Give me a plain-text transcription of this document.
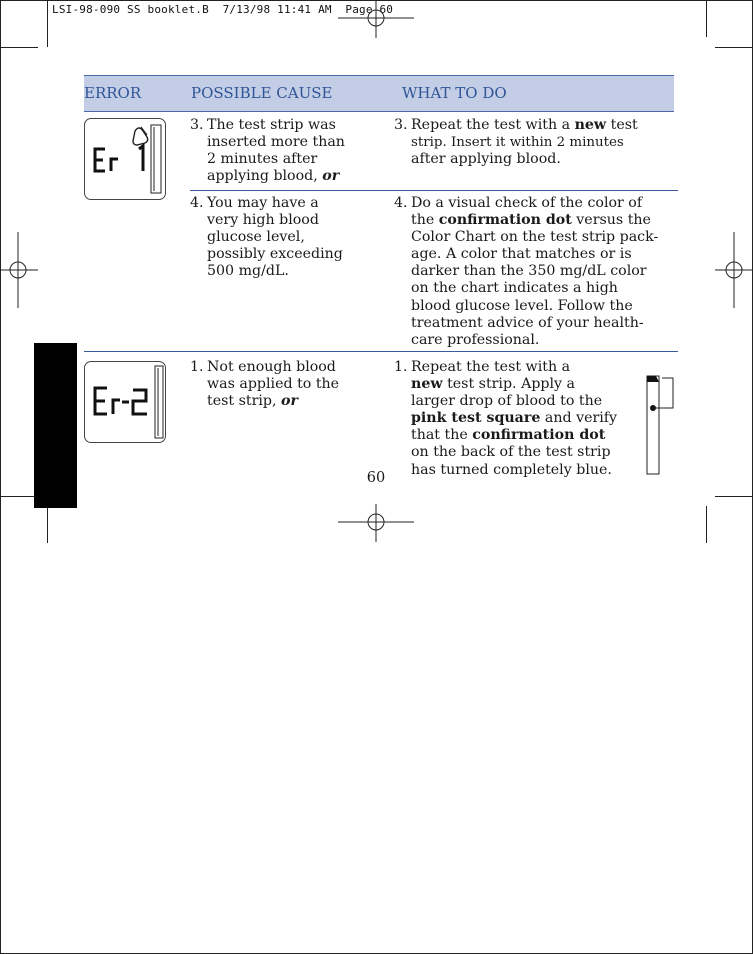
LSI-98-090 SS booklet.B  7/13/98 11:41 AM  Page 60
ERROR	POSSIBLE CAUSE	WHAT TO DO
3. The test strip was
inserted more than
2 minutes after
applying blood, or
3. Repeat the test with a new test
strip. Insert it within 2 minutes
after applying blood.
4. You may have a
very high blood
glucose level,
possibly exceeding
500 mg/dL.
4. Do a visual check of the color of
the confirmation dot versus the
Color Chart on the test strip pack-
age. A color that matches or is
darker than the 350 mg/dL color
on the chart indicates a high
blood glucose level. Follow the
treatment advice of your health-
care professional.
1. Not enough blood
was applied to the
test strip, or
1. Repeat the test with a
new test strip. Apply a
larger drop of blood to the
pink test square and verify
that the confirmation dot
on the back of the test strip
has turned completely blue.
60
